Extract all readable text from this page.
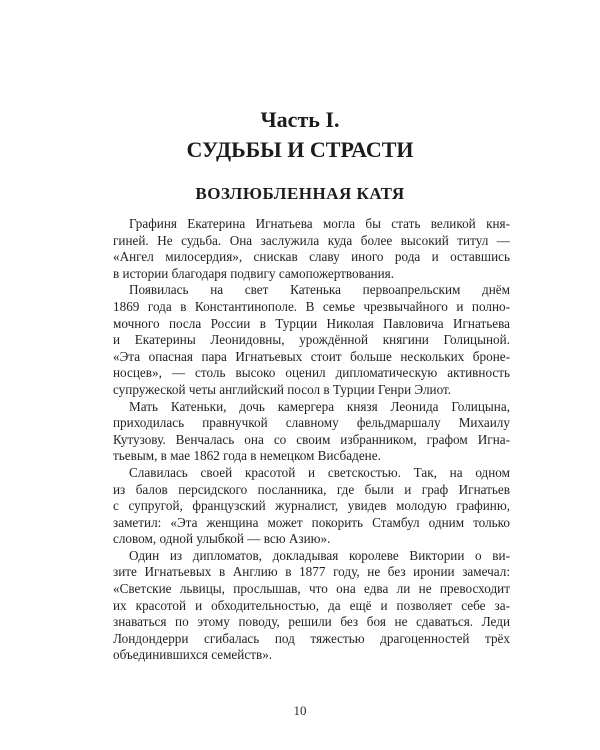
Часть I.
СУДЬБЫ И СТРАСТИ
ВОЗЛЮБЛЕННАЯ КАТЯ

Графиня Екатерина Игнатьева могла бы стать великой кня-
гиней. Не судьба. Она заслужила куда более высокий титул —
«Ангел милосердия», снискав славу иного рода и оставшись
в истории благодаря подвигу самопожертвования.

Появилась на свет Катенька первоапрельским днём
1869 года в Константинополе. В семье чрезвычайного и полно-
мочного посла России в Турции Николая Павловича Игнатьева
и Екатерины Леонидовны, урождённой княгини Голицыной.
«Эта опасная пара Игнатьевых стоит больше нескольких броне-
носцев», — столь высоко оценил дипломатическую активность
супружеской четы английский посол в Турции Генри Элиот.

Мать Катеньки, дочь камергера князя Леонида Голицына,
приходилась правнучкой славному фельдмаршалу Михаилу
Кутузову. Венчалась она со своим избранником, графом Игна-
тьевым, в мае 1862 года в немецком Висбадене.

Славилась своей красотой и светскостью. Так, на одном
из балов персидского посланника, где были и граф Игнатьев
с супругой, французский журналист, увидев молодую графиню,
заметил: «Эта женщина может покорить Стамбул одним только
словом, одной улыбкой — всю Азию».

Один из дипломатов, докладывая королеве Виктории о ви-
зите Игнатьевых в Англию в 1877 году, не без иронии замечал:
«Светские львицы, прослышав, что она едва ли не превосходит
их красотой и обходительностью, да ещё и позволяет себе за-
знаваться по этому поводу, решили без боя не сдаваться. Леди
Лондондерри сгибалась под тяжестью драгоценностей трёх
объединившихся семейств».

10
